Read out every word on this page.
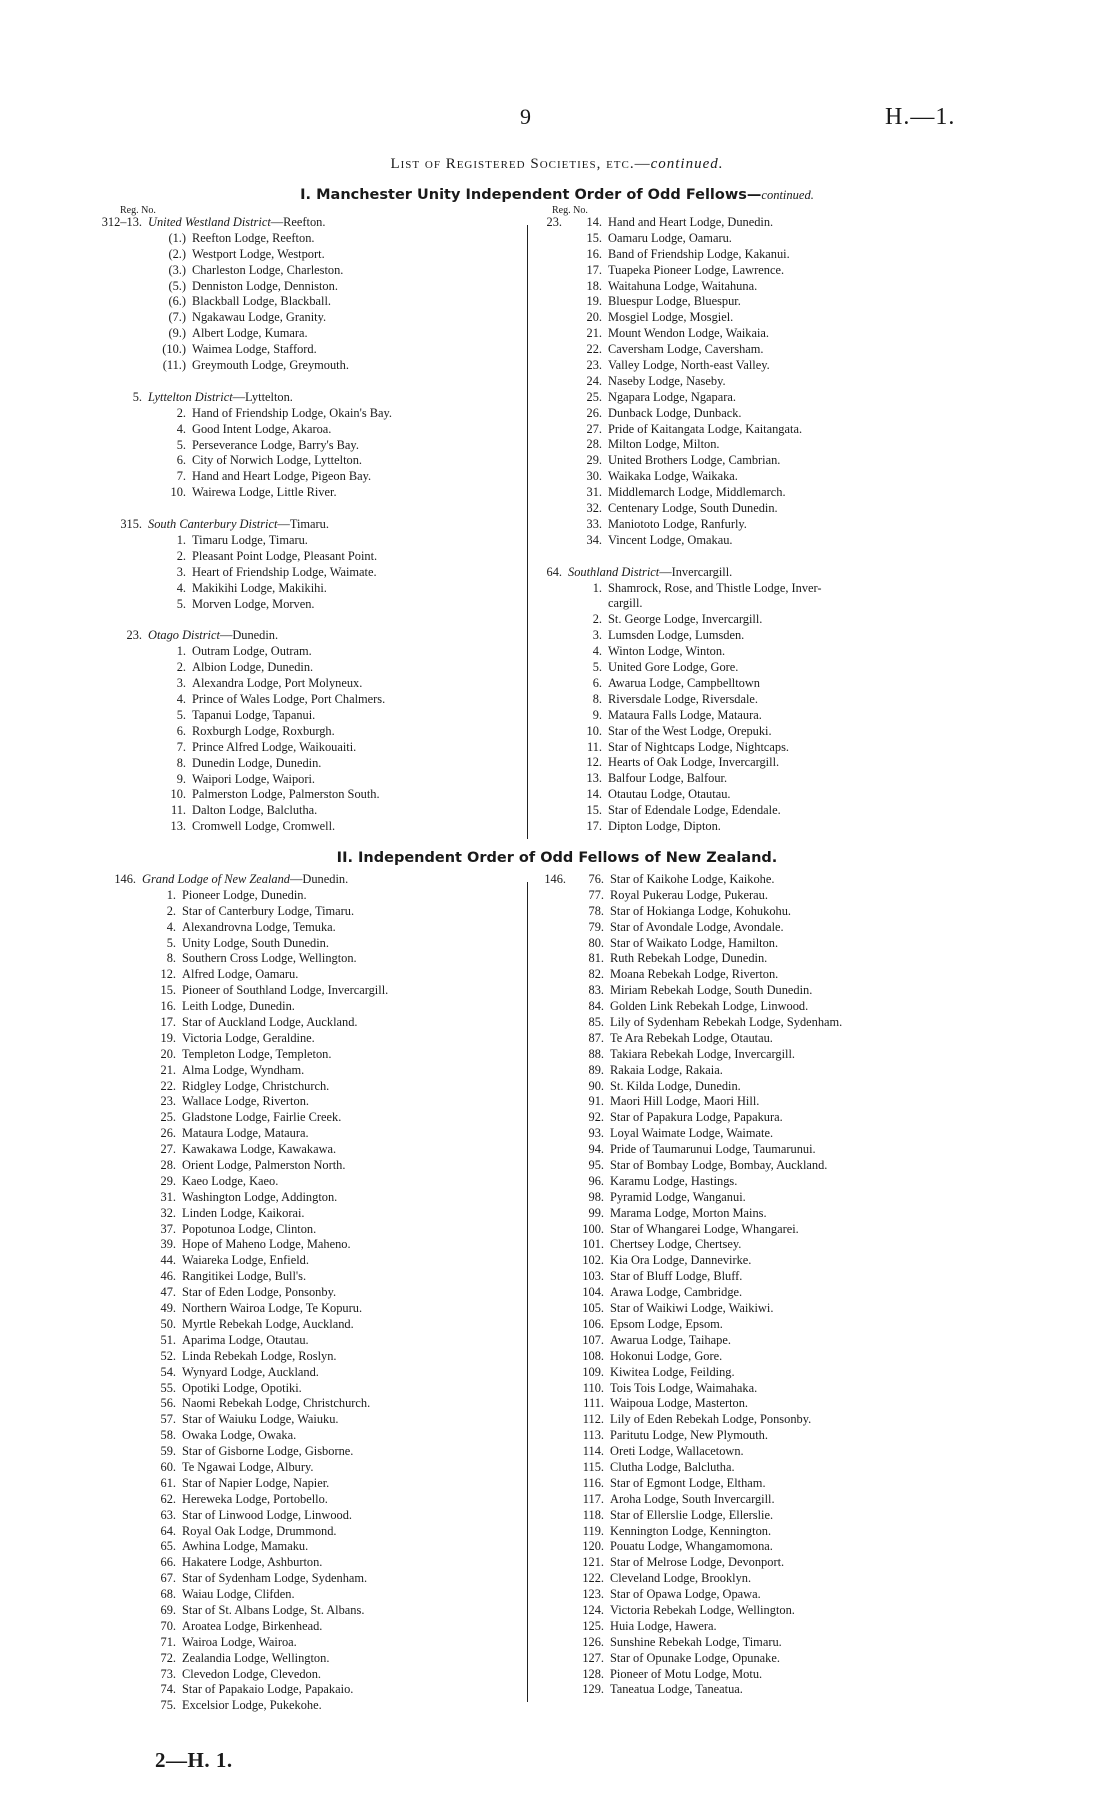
9	H.—1.
List of Registered Societies, etc.—continued.
I. Manchester Unity Independent Order of Odd Fellows—continued.
Reg. No.	Reg. No.
312–13. United Westland District—Reefton.
(1.) Reefton Lodge, Reefton.
(2.) Westport Lodge, Westport.
(3.) Charleston Lodge, Charleston.
(5.) Denniston Lodge, Denniston.
(6.) Blackball Lodge, Blackball.
(7.) Ngakawau Lodge, Granity.
(9.) Albert Lodge, Kumara.
(10.) Waimea Lodge, Stafford.
(11.) Greymouth Lodge, Greymouth.
5. Lyttelton District—Lyttelton.
2. Hand of Friendship Lodge, Okain's Bay.
4. Good Intent Lodge, Akaroa.
5. Perseverance Lodge, Barry's Bay.
6. City of Norwich Lodge, Lyttelton.
7. Hand and Heart Lodge, Pigeon Bay.
10. Wairewa Lodge, Little River.
315. South Canterbury District—Timaru.
1. Timaru Lodge, Timaru.
2. Pleasant Point Lodge, Pleasant Point.
3. Heart of Friendship Lodge, Waimate.
4. Makikihi Lodge, Makikihi.
5. Morven Lodge, Morven.
23. Otago District—Dunedin.
1. Outram Lodge, Outram.
2. Albion Lodge, Dunedin.
3. Alexandra Lodge, Port Molyneux.
4. Prince of Wales Lodge, Port Chalmers.
5. Tapanui Lodge, Tapanui.
6. Roxburgh Lodge, Roxburgh.
7. Prince Alfred Lodge, Waikouaiti.
8. Dunedin Lodge, Dunedin.
9. Waipori Lodge, Waipori.
10. Palmerston Lodge, Palmerston South.
11. Dalton Lodge, Balclutha.
13. Cromwell Lodge, Cromwell.
23. 14. Hand and Heart Lodge, Dunedin.
15. Oamaru Lodge, Oamaru.
16. Band of Friendship Lodge, Kakanui.
17. Tuapeka Pioneer Lodge, Lawrence.
18. Waitahuna Lodge, Waitahuna.
19. Bluespur Lodge, Bluespur.
20. Mosgiel Lodge, Mosgiel.
21. Mount Wendon Lodge, Waikaia.
22. Caversham Lodge, Caversham.
23. Valley Lodge, North-east Valley.
24. Naseby Lodge, Naseby.
25. Ngapara Lodge, Ngapara.
26. Dunback Lodge, Dunback.
27. Pride of Kaitangata Lodge, Kaitangata.
28. Milton Lodge, Milton.
29. United Brothers Lodge, Cambrian.
30. Waikaka Lodge, Waikaka.
31. Middlemarch Lodge, Middlemarch.
32. Centenary Lodge, South Dunedin.
33. Maniototo Lodge, Ranfurly.
34. Vincent Lodge, Omakau.
64. Southland District—Invercargill.
1. Shamrock, Rose, and Thistle Lodge, Inver-
cargill.
2. St. George Lodge, Invercargill.
3. Lumsden Lodge, Lumsden.
4. Winton Lodge, Winton.
5. United Gore Lodge, Gore.
6. Awarua Lodge, Campbelltown
8. Riversdale Lodge, Riversdale.
9. Mataura Falls Lodge, Mataura.
10. Star of the West Lodge, Orepuki.
11. Star of Nightcaps Lodge, Nightcaps.
12. Hearts of Oak Lodge, Invercargill.
13. Balfour Lodge, Balfour.
14. Otautau Lodge, Otautau.
15. Star of Edendale Lodge, Edendale.
17. Dipton Lodge, Dipton.
II. Independent Order of Odd Fellows of New Zealand.
146. Grand Lodge of New Zealand—Dunedin.
1. Pioneer Lodge, Dunedin.
2. Star of Canterbury Lodge, Timaru.
4. Alexandrovna Lodge, Temuka.
5. Unity Lodge, South Dunedin.
8. Southern Cross Lodge, Wellington.
12. Alfred Lodge, Oamaru.
15. Pioneer of Southland Lodge, Invercargill.
16. Leith Lodge, Dunedin.
17. Star of Auckland Lodge, Auckland.
19. Victoria Lodge, Geraldine.
20. Templeton Lodge, Templeton.
21. Alma Lodge, Wyndham.
22. Ridgley Lodge, Christchurch.
23. Wallace Lodge, Riverton.
25. Gladstone Lodge, Fairlie Creek.
26. Mataura Lodge, Mataura.
27. Kawakawa Lodge, Kawakawa.
28. Orient Lodge, Palmerston North.
29. Kaeo Lodge, Kaeo.
31. Washington Lodge, Addington.
32. Linden Lodge, Kaikorai.
37. Popotunoa Lodge, Clinton.
39. Hope of Maheno Lodge, Maheno.
44. Waiareka Lodge, Enfield.
46. Rangitikei Lodge, Bull's.
47. Star of Eden Lodge, Ponsonby.
49. Northern Wairoa Lodge, Te Kopuru.
50. Myrtle Rebekah Lodge, Auckland.
51. Aparima Lodge, Otautau.
52. Linda Rebekah Lodge, Roslyn.
54. Wynyard Lodge, Auckland.
55. Opotiki Lodge, Opotiki.
56. Naomi Rebekah Lodge, Christchurch.
57. Star of Waiuku Lodge, Waiuku.
58. Owaka Lodge, Owaka.
59. Star of Gisborne Lodge, Gisborne.
60. Te Ngawai Lodge, Albury.
61. Star of Napier Lodge, Napier.
62. Hereweka Lodge, Portobello.
63. Star of Linwood Lodge, Linwood.
64. Royal Oak Lodge, Drummond.
65. Awhina Lodge, Mamaku.
66. Hakatere Lodge, Ashburton.
67. Star of Sydenham Lodge, Sydenham.
68. Waiau Lodge, Clifden.
69. Star of St. Albans Lodge, St. Albans.
70. Aroatea Lodge, Birkenhead.
71. Wairoa Lodge, Wairoa.
72. Zealandia Lodge, Wellington.
73. Clevedon Lodge, Clevedon.
74. Star of Papakaio Lodge, Papakaio.
75. Excelsior Lodge, Pukekohe.
146. 76. Star of Kaikohe Lodge, Kaikohe.
77. Royal Pukerau Lodge, Pukerau.
78. Star of Hokianga Lodge, Kohukohu.
79. Star of Avondale Lodge, Avondale.
80. Star of Waikato Lodge, Hamilton.
81. Ruth Rebekah Lodge, Dunedin.
82. Moana Rebekah Lodge, Riverton.
83. Miriam Rebekah Lodge, South Dunedin.
84. Golden Link Rebekah Lodge, Linwood.
85. Lily of Sydenham Rebekah Lodge, Sydenham.
87. Te Ara Rebekah Lodge, Otautau.
88. Takiara Rebekah Lodge, Invercargill.
89. Rakaia Lodge, Rakaia.
90. St. Kilda Lodge, Dunedin.
91. Maori Hill Lodge, Maori Hill.
92. Star of Papakura Lodge, Papakura.
93. Loyal Waimate Lodge, Waimate.
94. Pride of Taumarunui Lodge, Taumarunui.
95. Star of Bombay Lodge, Bombay, Auckland.
96. Karamu Lodge, Hastings.
98. Pyramid Lodge, Wanganui.
99. Marama Lodge, Morton Mains.
100. Star of Whangarei Lodge, Whangarei.
101. Chertsey Lodge, Chertsey.
102. Kia Ora Lodge, Dannevirke.
103. Star of Bluff Lodge, Bluff.
104. Arawa Lodge, Cambridge.
105. Star of Waikiwi Lodge, Waikiwi.
106. Epsom Lodge, Epsom.
107. Awarua Lodge, Taihape.
108. Hokonui Lodge, Gore.
109. Kiwitea Lodge, Feilding.
110. Tois Tois Lodge, Waimahaka.
111. Waipoua Lodge, Masterton.
112. Lily of Eden Rebekah Lodge, Ponsonby.
113. Paritutu Lodge, New Plymouth.
114. Oreti Lodge, Wallacetown.
115. Clutha Lodge, Balclutha.
116. Star of Egmont Lodge, Eltham.
117. Aroha Lodge, South Invercargill.
118. Star of Ellerslie Lodge, Ellerslie.
119. Kennington Lodge, Kennington.
120. Pouatu Lodge, Whangamomona.
121. Star of Melrose Lodge, Devonport.
122. Cleveland Lodge, Brooklyn.
123. Star of Opawa Lodge, Opawa.
124. Victoria Rebekah Lodge, Wellington.
125. Huia Lodge, Hawera.
126. Sunshine Rebekah Lodge, Timaru.
127. Star of Opunake Lodge, Opunake.
128. Pioneer of Motu Lodge, Motu.
129. Taneatua Lodge, Taneatua.
2—H. 1.
